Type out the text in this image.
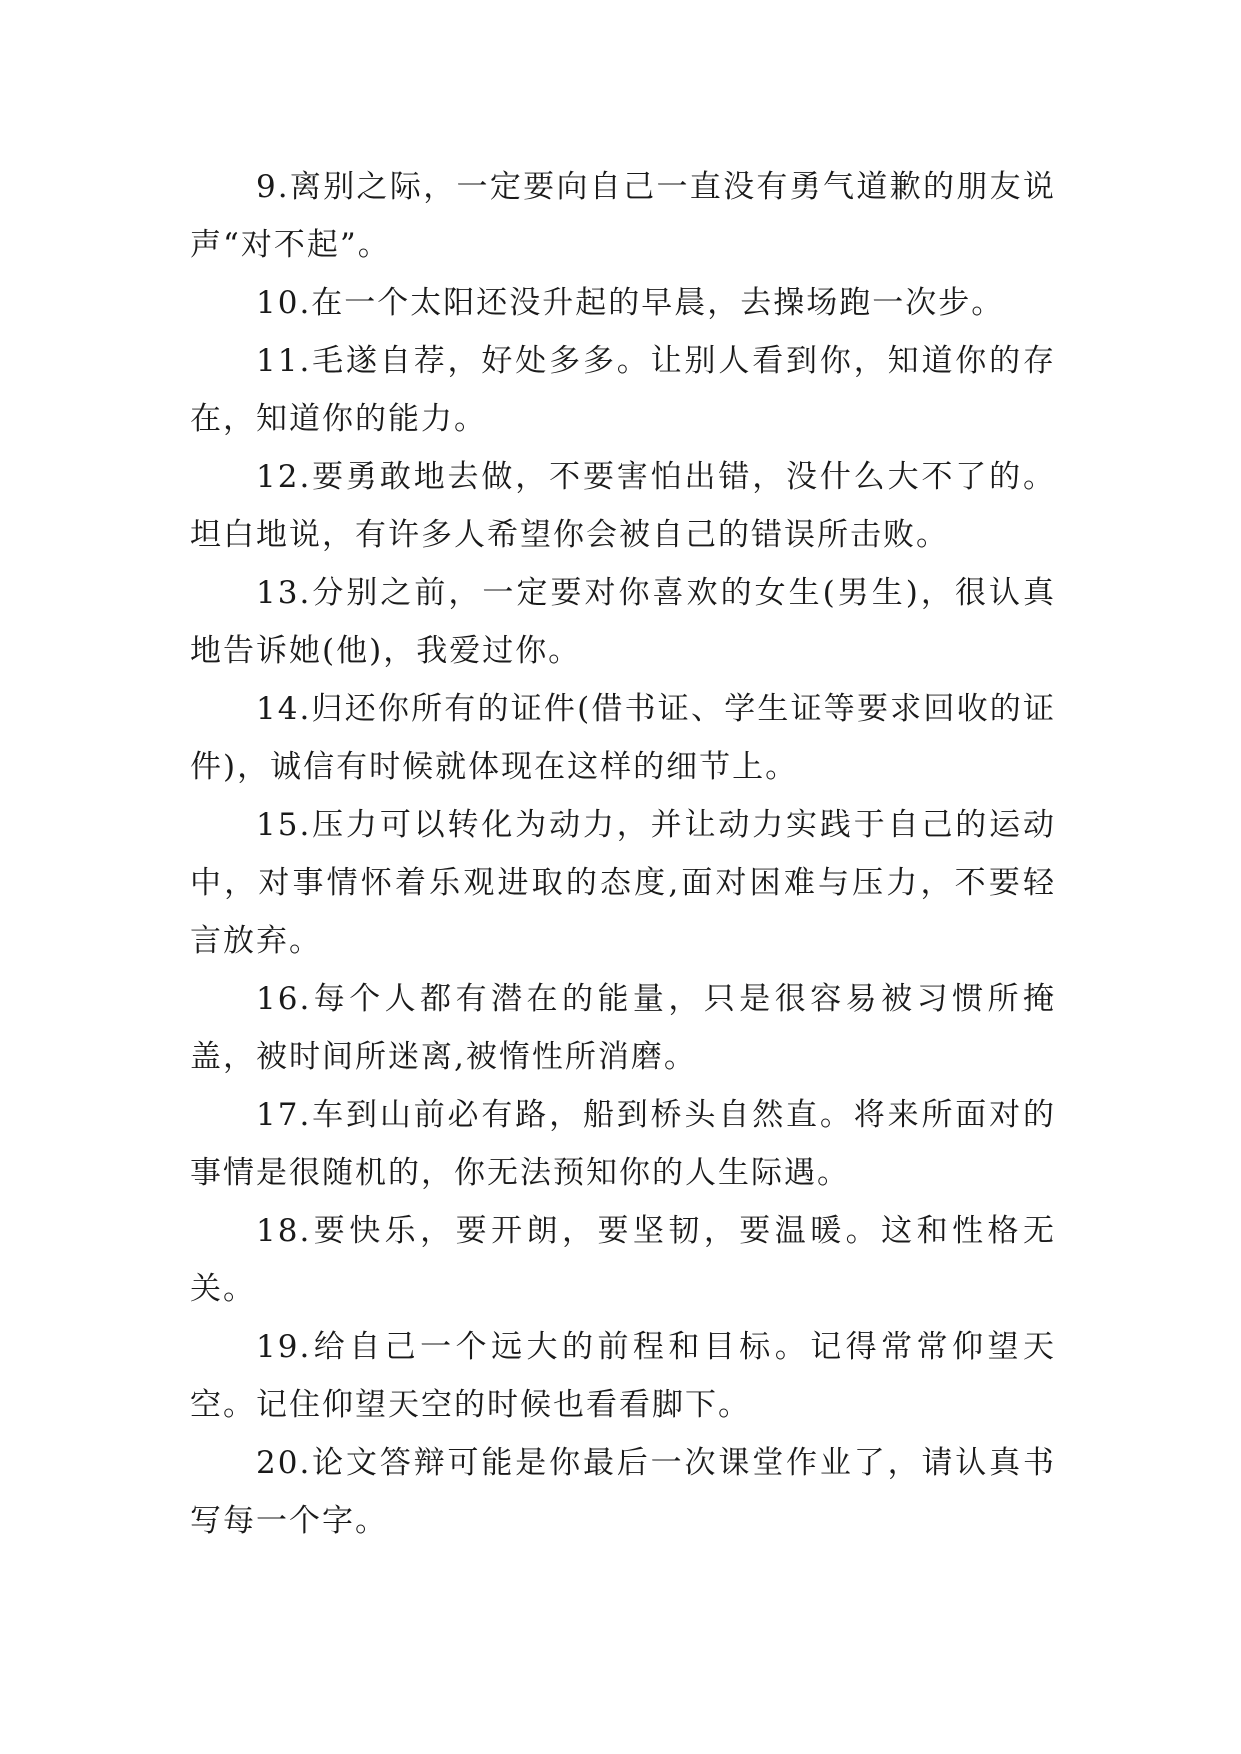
9.离别之际，一定要向自己一直没有勇气道歉的朋友说声“对不起”。

10.在一个太阳还没升起的早晨，去操场跑一次步。

11.毛遂自荐，好处多多。让别人看到你，知道你的存在，知道你的能力。

12.要勇敢地去做，不要害怕出错，没什么大不了的。坦白地说，有许多人希望你会被自己的错误所击败。

13.分别之前，一定要对你喜欢的女生(男生)，很认真地告诉她(他)，我爱过你。

14.归还你所有的证件(借书证、学生证等要求回收的证件)，诚信有时候就体现在这样的细节上。

15.压力可以转化为动力，并让动力实践于自己的运动中，对事情怀着乐观进取的态度,面对困难与压力，不要轻言放弃。

16.每个人都有潜在的能量，只是很容易被习惯所掩盖，被时间所迷离,被惰性所消磨。

17.车到山前必有路，船到桥头自然直。将来所面对的事情是很随机的，你无法预知你的人生际遇。

18.要快乐，要开朗，要坚韧，要温暖。这和性格无关。

19.给自己一个远大的前程和目标。记得常常仰望天空。记住仰望天空的时候也看看脚下。

20.论文答辩可能是你最后一次课堂作业了，请认真书写每一个字。
